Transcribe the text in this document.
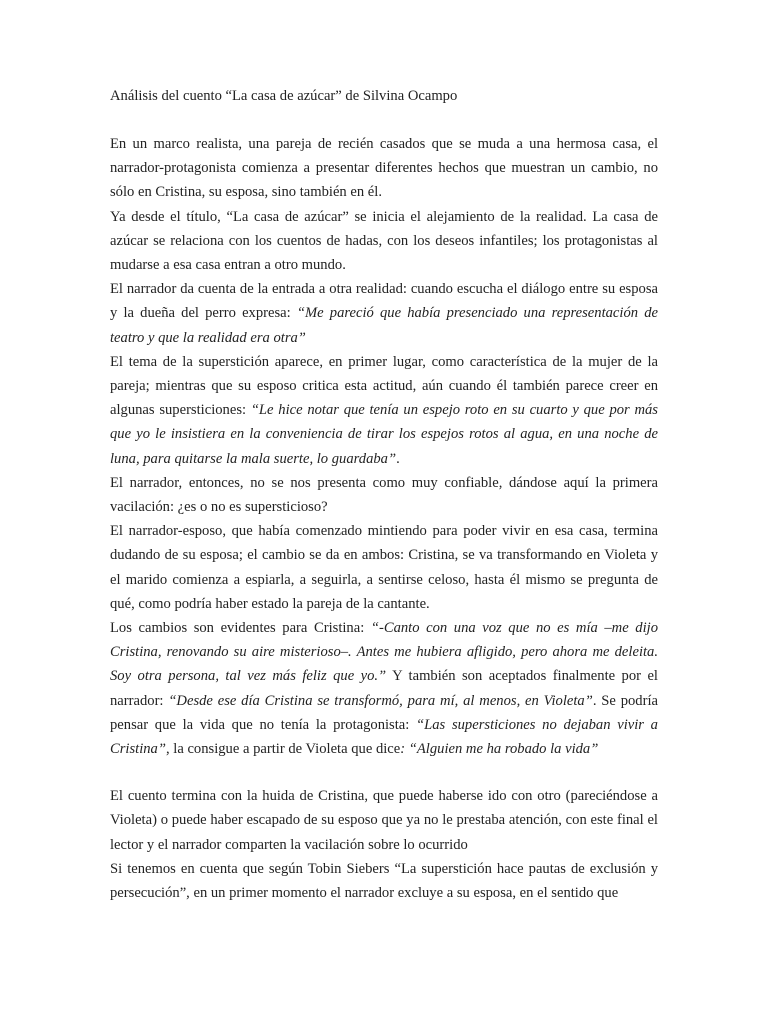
Análisis del cuento “La casa de azúcar” de Silvina Ocampo

En un marco realista, una pareja de recién casados que se muda a una hermosa casa, el narrador-protagonista comienza a presentar diferentes hechos que muestran un cambio, no sólo en Cristina, su esposa, sino también en él.

Ya desde el título, “La casa de azúcar” se inicia el alejamiento de la realidad. La casa de azúcar se relaciona con los cuentos de hadas, con los deseos infantiles; los protagonistas al mudarse a esa casa entran a otro mundo.

El narrador da cuenta de la entrada a otra realidad: cuando escucha el diálogo entre su esposa y la dueña del perro expresa: “Me pareció que había presenciado una representación de teatro y que la realidad era otra”

El tema de la superstición aparece, en primer lugar, como característica de la mujer de la pareja; mientras que su esposo critica esta actitud, aún cuando él también parece creer en algunas supersticiones: “Le hice notar que tenía un espejo roto en su cuarto y que por más que yo le insistiera en la conveniencia de tirar los espejos rotos al agua, en una noche de luna, para quitarse la mala suerte, lo guardaba”.

El narrador, entonces, no se nos presenta como muy confiable, dándose aquí la primera vacilación: ¿es o no es supersticioso?

El narrador-esposo, que había comenzado mintiendo para poder vivir en esa casa, termina dudando de su esposa; el cambio se da en ambos: Cristina, se va transformando en Violeta y el marido comienza a espiarla, a seguirla, a sentirse celoso, hasta él mismo se pregunta de qué, como podría haber estado la pareja de la cantante.

Los cambios son evidentes para Cristina: “-Canto con una voz que no es mía –me dijo Cristina, renovando su aire misterioso–. Antes me hubiera afligido, pero ahora me deleita. Soy otra persona, tal vez más feliz que yo.” Y también son aceptados finalmente por el narrador: “Desde ese día Cristina se transformó, para mí, al menos, en Violeta”. Se podría pensar que la vida que no tenía la protagonista: “Las supersticiones no dejaban vivir a Cristina”, la consigue a partir de Violeta que dice: “Alguien me ha robado la vida”

El cuento termina con la huida de Cristina, que puede haberse ido con otro (pareciéndose a Violeta) o puede haber escapado de su esposo que ya no le prestaba atención, con este final el lector y el narrador comparten la vacilación sobre lo ocurrido

Si tenemos en cuenta que según Tobin Siebers “La superstición hace pautas de exclusión y persecución”, en un primer momento el narrador excluye a su esposa, en el sentido que
